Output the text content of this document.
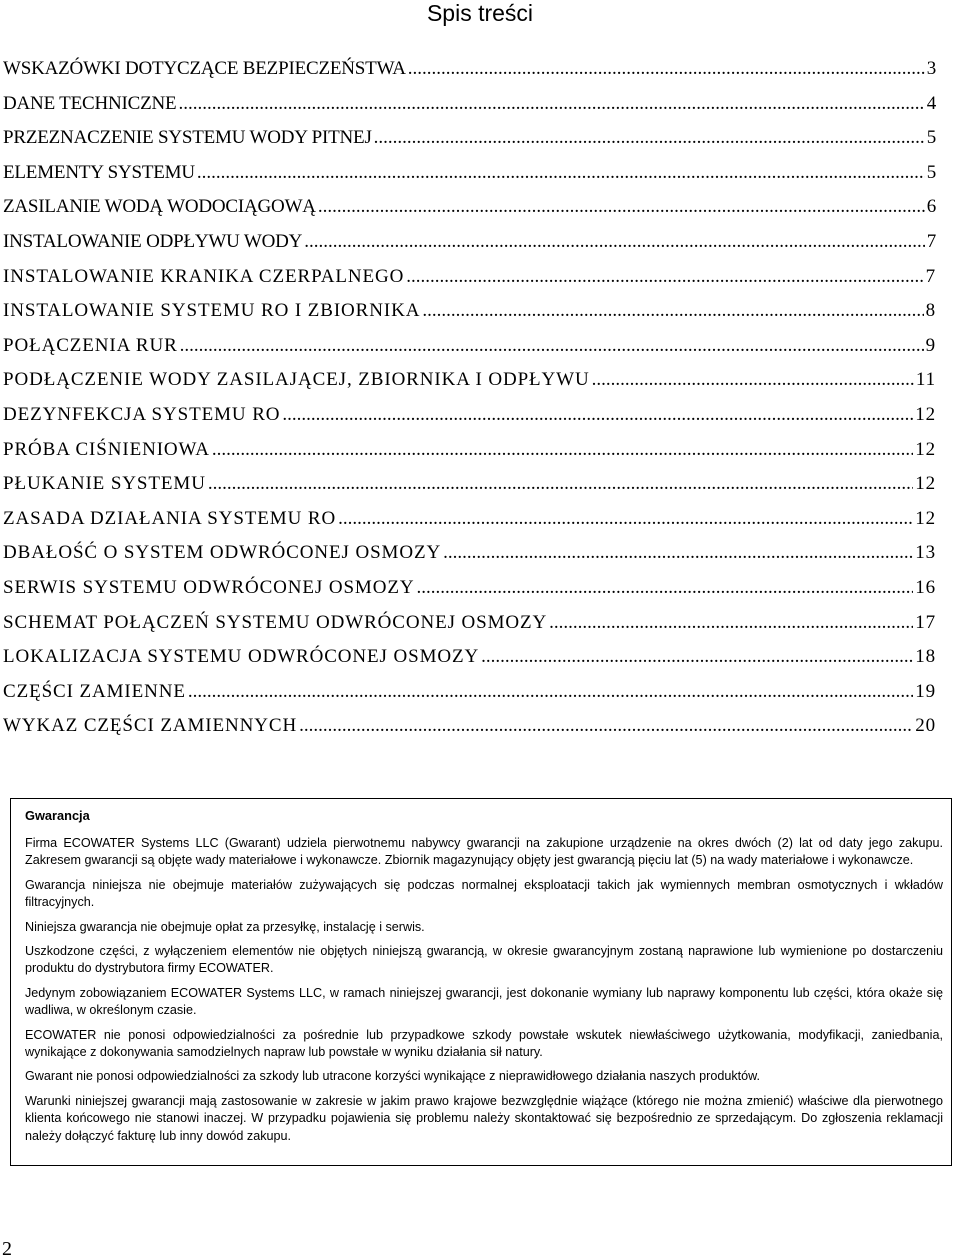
Spis treści
WSKAZÓWKI DOTYCZĄCE BEZPIECZEŃSTWA .....	3
DANE TECHNICZNE .....	4
PRZEZNACZENIE SYSTEMU WODY PITNEJ .....	5
ELEMENTY SYSTEMU .....	5
ZASILANIE WODĄ WODOCIĄGOWĄ .....	6
INSTALOWANIE ODPŁYWU WODY .....	7
INSTALOWANIE KRANIKA CZERPALNEGO .....	7
INSTALOWANIE SYSTEMU RO I ZBIORNIKA .....	8
POŁĄCZENIA RUR .....	9
PODŁĄCZENIE WODY ZASILAJĄCEJ, ZBIORNIKA I ODPŁYWU .....	11
DEZYNFEKCJA SYSTEMU RO .....	12
PRÓBA CIŚNIENIOWA .....	12
PŁUKANIE SYSTEMU .....	12
ZASADA DZIAŁANIA SYSTEMU RO .....	12
DBAŁOŚĆ O SYSTEM ODWRÓCONEJ OSMOZY .....	13
SERWIS SYSTEMU ODWRÓCONEJ OSMOZY .....	16
SCHEMAT POŁĄCZEŃ SYSTEMU ODWRÓCONEJ OSMOZY .....	17
LOKALIZACJA SYSTEMU ODWRÓCONEJ OSMOZY .....	18
CZĘŚCI ZAMIENNE .....	19
WYKAZ CZĘŚCI ZAMIENNYCH .....	20
Gwarancja

Firma ECOWATER Systems LLC (Gwarant) udziela pierwotnemu nabywcy gwarancji na zakupione urządzenie na okres dwóch (2) lat od daty jego zakupu. Zakresem gwarancji są objęte wady materiałowe i wykonawcze. Zbiornik magazynujący objęty jest gwarancją pięciu lat (5) na wady materiałowe i wykonawcze.

Gwarancja niniejsza nie obejmuje materiałów zużywających się podczas normalnej eksploatacji takich jak wymiennych membran osmotycznych i wkładów filtracyjnych.

Niniejsza gwarancja nie obejmuje opłat za przesyłkę, instalację i serwis.

Uszkodzone części, z wyłączeniem elementów nie objętych niniejszą gwarancją, w okresie gwarancyjnym zostaną naprawione lub wymienione po dostarczeniu produktu do dystrybutora firmy ECOWATER.

Jedynym zobowiązaniem ECOWATER Systems LLC, w ramach niniejszej gwarancji, jest dokonanie wymiany lub naprawy komponentu lub części, która okaże się wadliwa, w określonym czasie.

ECOWATER nie ponosi odpowiedzialności za pośrednie lub przypadkowe szkody powstałe wskutek niewłaściwego użytkowania, modyfikacji, zaniedbania, wynikające z dokonywania samodzielnych napraw lub powstałe w wyniku działania sił natury.

Gwarant nie ponosi odpowiedzialności za szkody lub utracone korzyści wynikające z nieprawidłowego działania naszych produktów.

Warunki niniejszej gwarancji mają zastosowanie w zakresie w jakim prawo krajowe bezwzględnie wiążące (którego nie można zmienić) właściwe dla pierwotnego klienta końcowego nie stanowi inaczej. W przypadku pojawienia się problemu należy skontaktować się bezpośrednio ze sprzedającym. Do zgłoszenia reklamacji należy dołączyć fakturę lub inny dowód zakupu.

2
